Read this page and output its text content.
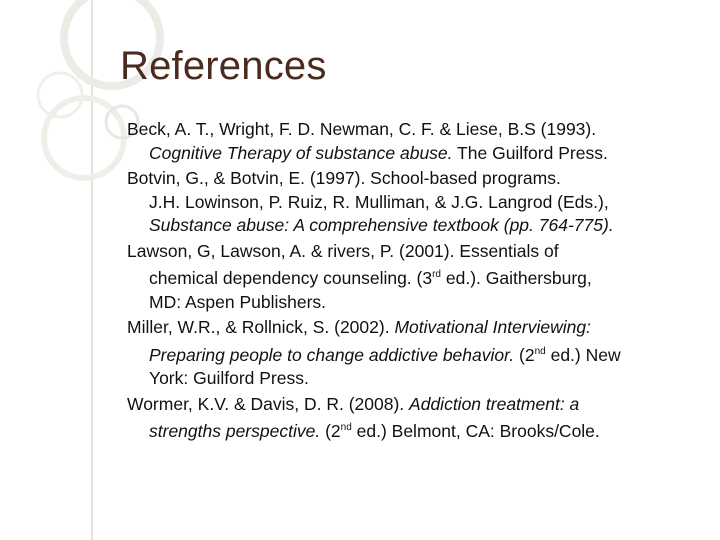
References
Beck, A. T., Wright, F. D. Newman, C. F. & Liese, B.S (1993).
Cognitive Therapy of substance abuse. The Guilford Press.
Botvin, G., & Botvin, E. (1997). School-based programs.
J.H. Lowinson, P. Ruiz, R. Mulliman, & J.G. Langrod (Eds.),
Substance abuse: A comprehensive textbook (pp. 764-775).
Lawson, G, Lawson, A. & rivers, P. (2001). Essentials of
chemical dependency counseling. (3rd ed.). Gaithersburg,
MD: Aspen Publishers.
Miller, W.R., & Rollnick, S. (2002). Motivational Interviewing:
Preparing people to change addictive behavior. (2nd ed.) New
York: Guilford Press.
Wormer, K.V. & Davis, D. R. (2008). Addiction treatment: a
strengths perspective. (2nd ed.) Belmont, CA: Brooks/Cole.
